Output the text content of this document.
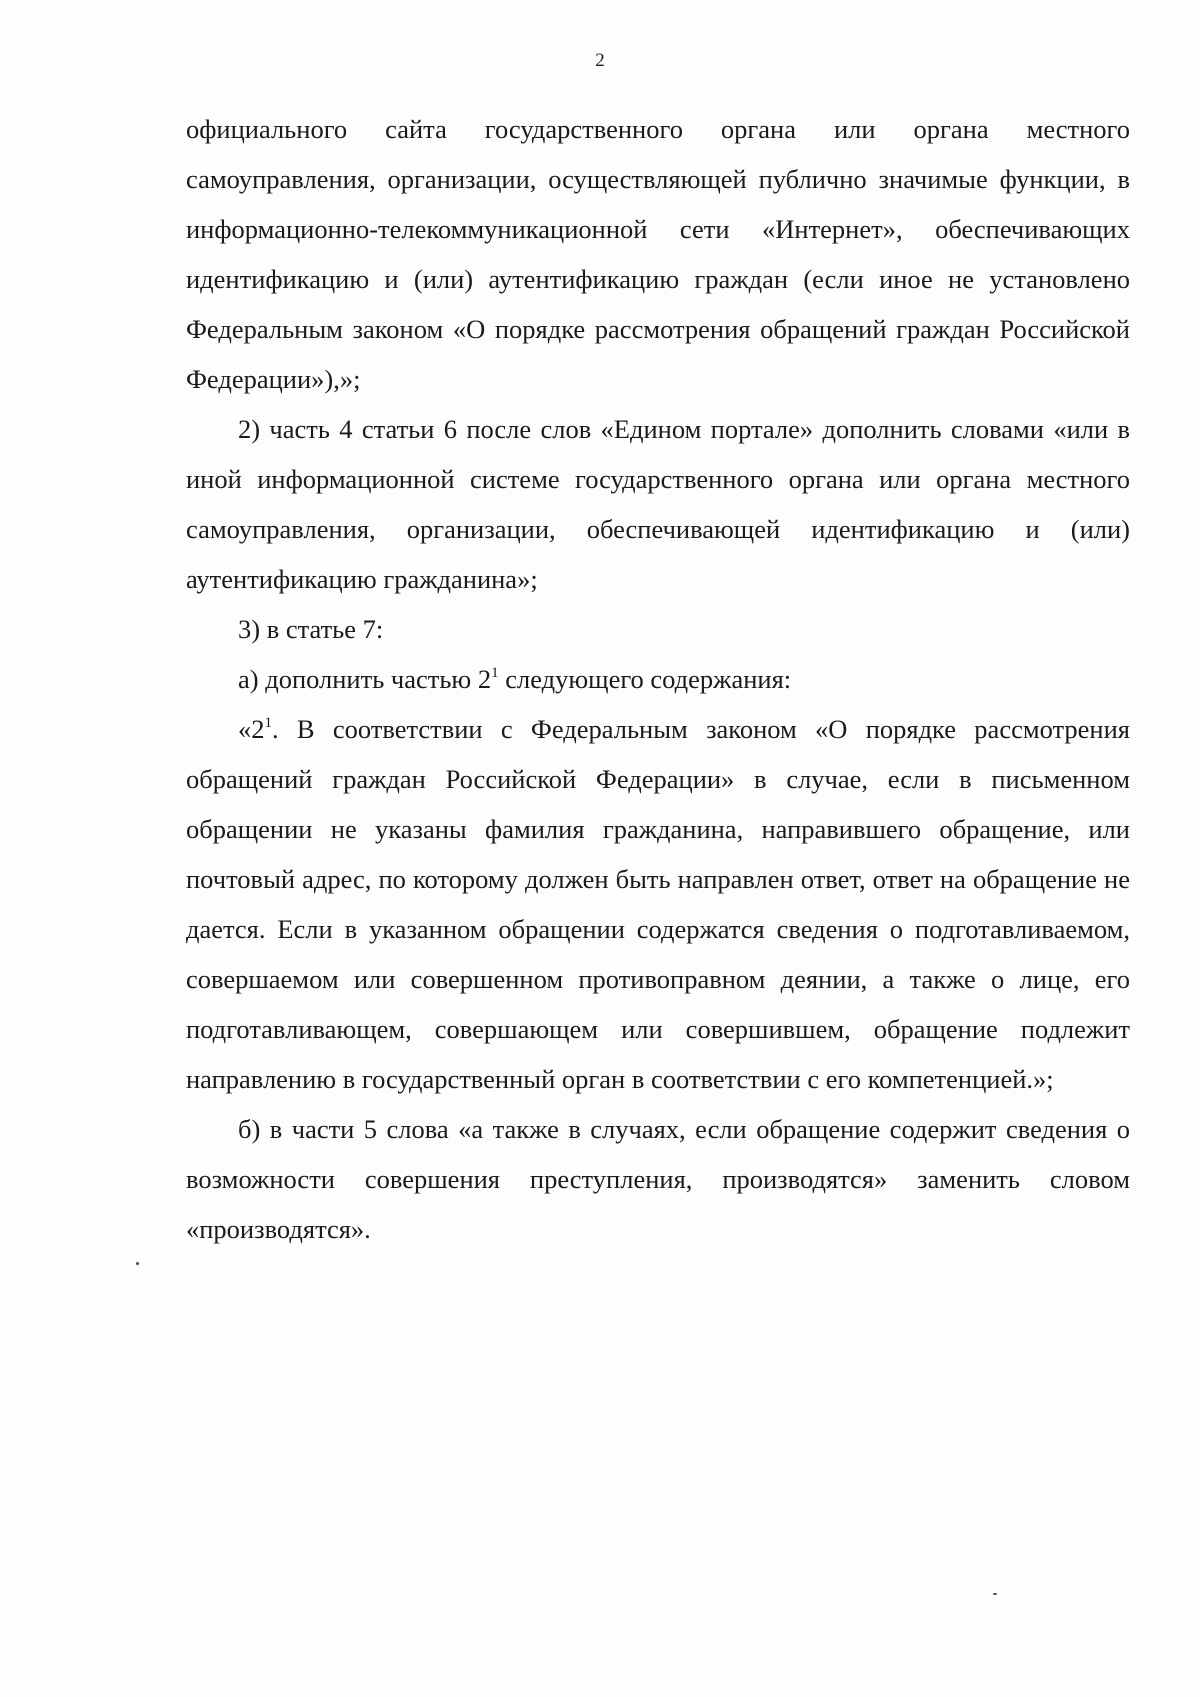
2

официального сайта государственного органа или органа местного самоуправления, организации, осуществляющей публично значимые функции, в информационно-телекоммуникационной сети «Интернет», обеспечивающих идентификацию и (или) аутентификацию граждан (если иное не установлено Федеральным законом «О порядке рассмотрения обращений граждан Российской Федерации»),»;

2) часть 4 статьи 6 после слов «Едином портале» дополнить словами «или в иной информационной системе государственного органа или органа местного самоуправления, организации, обеспечивающей идентификацию и (или) аутентификацию гражданина»;

3) в статье 7:

а) дополнить частью $2^1$ следующего содержания:

«$2^1$. В соответствии с Федеральным законом «О порядке рассмотрения обращений граждан Российской Федерации» в случае, если в письменном обращении не указаны фамилия гражданина, направившего обращение, или почтовый адрес, по которому должен быть направлен ответ, ответ на обращение не дается. Если в указанном обращении содержатся сведения о подготавливаемом, совершаемом или совершенном противоправном деянии, а также о лице, его подготавливающем, совершающем или совершившем, обращение подлежит направлению в государственный орган в соответствии с его компетенцией.»;

б) в части 5 слова «а также в случаях, если обращение содержит сведения о возможности совершения преступления, производятся» заменить словом «производятся».
